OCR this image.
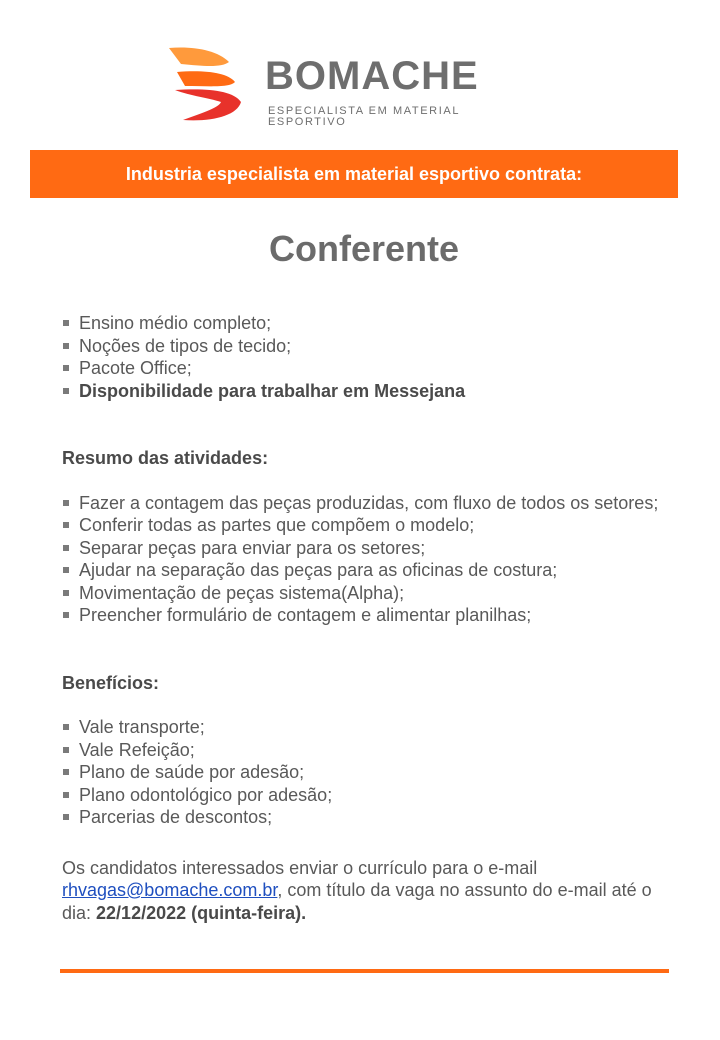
BOMACHE
ESPECIALISTA EM MATERIAL ESPORTIVO
Industria especialista em material esportivo contrata:
Conferente
Ensino médio completo;
Noções de tipos de tecido;
Pacote Office;
Disponibilidade para trabalhar em Messejana
Resumo das atividades:
Fazer a contagem das peças produzidas, com fluxo de todos os setores;
Conferir todas as partes que compõem o modelo;
Separar peças para enviar para os setores;
Ajudar na separação das peças para as oficinas de costura;
Movimentação de peças sistema(Alpha);
Preencher formulário de contagem e alimentar planilhas;
Benefícios:
Vale transporte;
Vale Refeição;
Plano de saúde por adesão;
Plano odontológico por adesão;
Parcerias de descontos;
Os candidatos interessados enviar o currículo para o e-mail rhvagas@bomache.com.br, com título da vaga no assunto do e-mail até o dia: 22/12/2022 (quinta-feira).
